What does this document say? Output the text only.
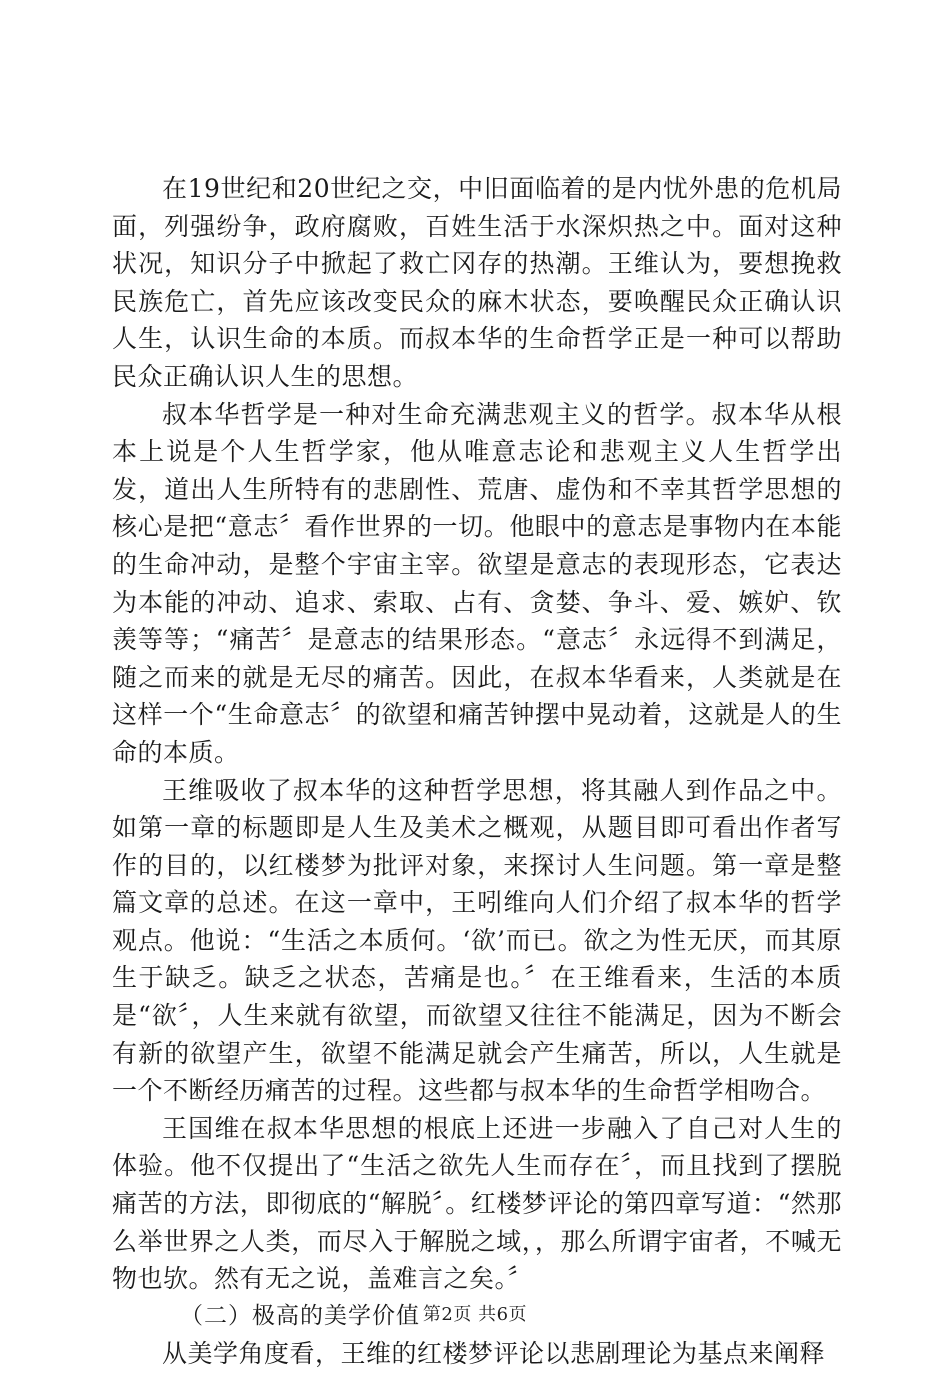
在19世纪和20世纪之交，中旧面临着的是内忧外患的危机局面，列强纷争，政府腐败，百姓生活于水深炽热之中。面对这种状况，知识分子中掀起了救亡冈存的热潮。王维认为，要想挽救民族危亡，首先应该改变民众的麻木状态，要唤醒民众正确认识人生，认识生命的本质。而叔本华的生命哲学正是一种可以帮助民众正确认识人生的思想。

叔本华哲学是一种对生命充满悲观主义的哲学。叔本华从根本上说是个人生哲学家，他从唯意志论和悲观主义人生哲学出发，道出人生所特有的悲剧性、荒唐、虚伪和不幸其哲学思想的核心是把“意志〞看作世界的一切。他眼中的意志是事物内在本能的生命冲动，是整个宇宙主宰。欲望是意志的表现形态，它表达为本能的冲动、追求、索取、占有、贪婪、争斗、爱、嫉妒、钦羡等等；“痛苦〞是意志的结果形态。“意志〞永远得不到满足，随之而来的就是无尽的痛苦。因此，在叔本华看来，人类就是在这样一个“生命意志〞的欲望和痛苦钟摆中晃动着，这就是人的生命的本质。

王维吸收了叔本华的这种哲学思想，将其融人到作品之中。如第一章的标题即是人生及美术之概观，从题目即可看出作者写作的目的，以红楼梦为批评对象，来探讨人生问题。第一章是整篇文章的总述。在这一章中，王吲维向人们介绍了叔本华的哲学观点。他说：“生活之本质何。‘欲’而已。欲之为性无厌，而其原生于缺乏。缺乏之状态，苦痛是也。〞在王维看来，生活的本质是“欲〞，人生来就有欲望，而欲望又往往不能满足，因为不断会有新的欲望产生，欲望不能满足就会产生痛苦，所以，人生就是一个不断经历痛苦的过程。这些都与叔本华的生命哲学相吻合。

王国维在叔本华思想的根底上还进一步融入了自己对人生的体验。他不仅提出了“生活之欲先人生而存在〞，而且找到了摆脱痛苦的方法，即彻底的“解脱〞。红楼梦评论的第四章写道：“然那么举世界之人类，而尽入于解脱之域，，那么所谓宇宙者，不喊无物也欤。然有无之说，盖难言之矣。〞

（二）极高的美学价值

从美学角度看，王维的红楼梦评论以悲剧理论为基点来阐释

第2页 共6页
